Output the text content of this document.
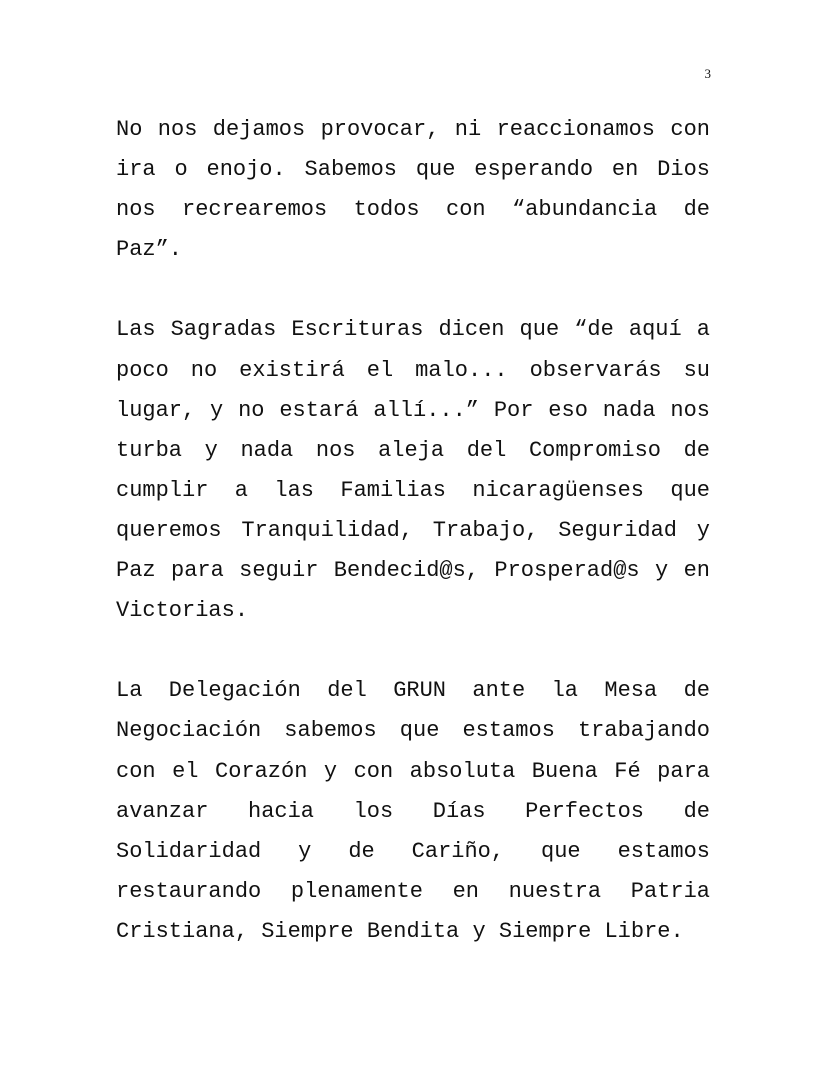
3

No nos dejamos provocar, ni reaccionamos con ira o enojo. Sabemos que esperando en Dios nos recrearemos todos con “abundancia de Paz”.

Las Sagradas Escrituras dicen que “de aquí a poco no existirá el malo... observarás su lugar, y no estará allí...” Por eso nada nos turba y nada nos aleja del Compromiso de cumplir a las Familias nicaragüenses que queremos Tranquilidad, Trabajo, Seguridad y Paz para seguir Bendecid@s, Prosperad@s y en Victorias.

La Delegación del GRUN ante la Mesa de Negociación sabemos que estamos trabajando con el Corazón y con absoluta Buena Fé para avanzar hacia los Días Perfectos de Solidaridad y de Cariño, que estamos restaurando plenamente en nuestra Patria Cristiana, Siempre Bendita y Siempre Libre.
